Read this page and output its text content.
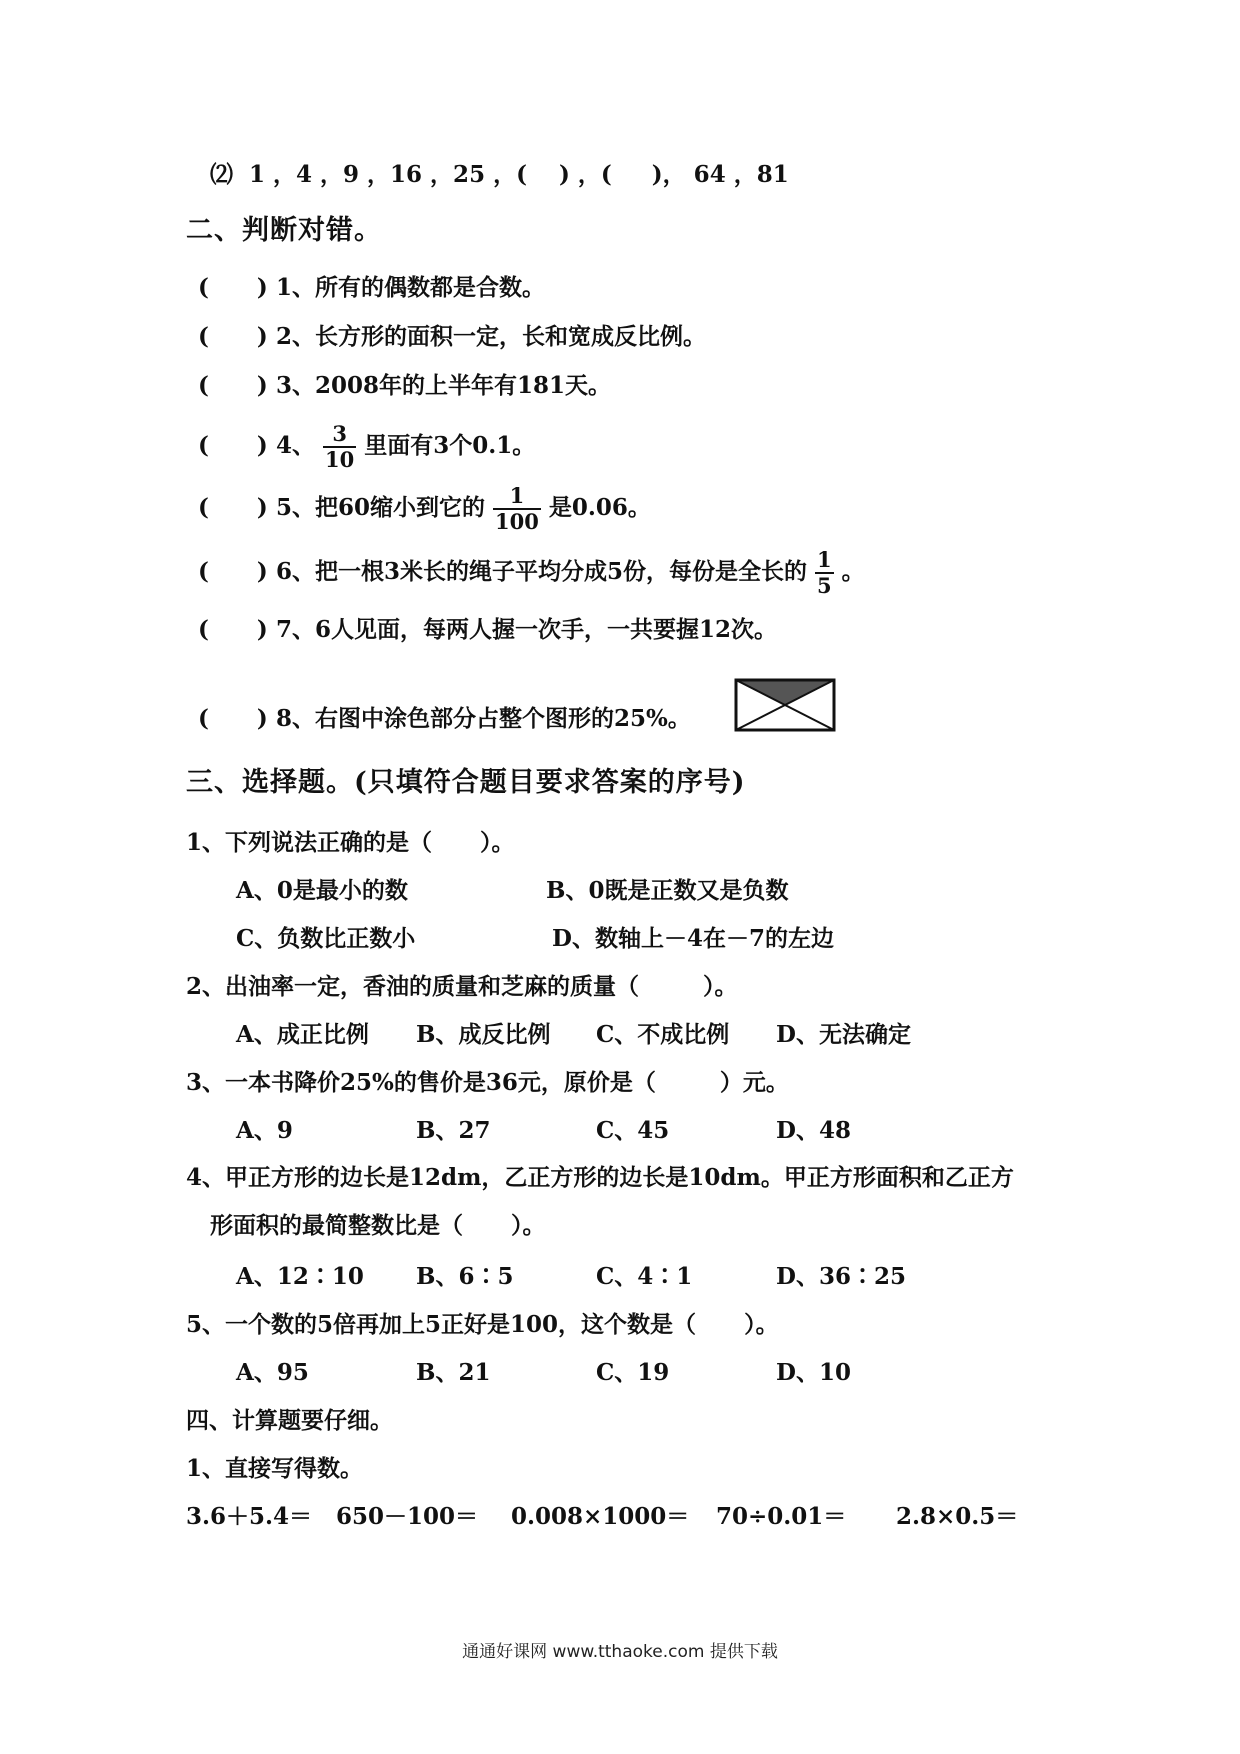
⑵  1 ，4 ，9 ，16 ，25 ，(    ) ，(     )， 64 ，81
二、判断对错。
(      ) 1、所有的偶数都是合数。
(      ) 2、长方形的面积一定，长和宽成反比例。
(      ) 3、2008年的上半年有181天。
(      ) 4、 $\frac{3}{10}$ 里面有3个0.1。
(      ) 5、把60缩小到它的 $\frac{1}{100}$ 是0.06。
(      ) 6、把一根3米长的绳子平均分成5份，每份是全长的 $\frac{1}{5}$ 。
(      ) 7、6人见面，每两人握一次手，一共要握12次。
(      ) 8、右图中涂色部分占整个图形的25%。
三、选择题。(只填符合题目要求答案的序号)
1、下列说法正确的是（      ）。
A、0是最小的数	B、0既是正数又是负数
C、负数比正数小	D、数轴上－4在－7的左边
2、出油率一定，香油的质量和芝麻的质量（        ）。
A、成正比例 B、成反比例 C、不成比例 D、无法确定
3、一本书降价25%的售价是36元，原价是（        ）元。
A、9	B、27	C、45	D、48
4、甲正方形的边长是12dm，乙正方形的边长是10dm。甲正方形面积和乙正方
形面积的最简整数比是（      ）。
A、12∶10 B、6∶5	C、4∶1	D、36∶25
5、一个数的5倍再加上5正好是100，这个数是（      ）。
A、95	B、21	C、19	D、10
四、计算题要仔细。
1、直接写得数。
3.6＋5.4＝ 650－100＝ 0.008×1000＝ 70÷0.01＝ 2.8×0.5＝
通通好课网 www.tthaoke.com 提供下载
